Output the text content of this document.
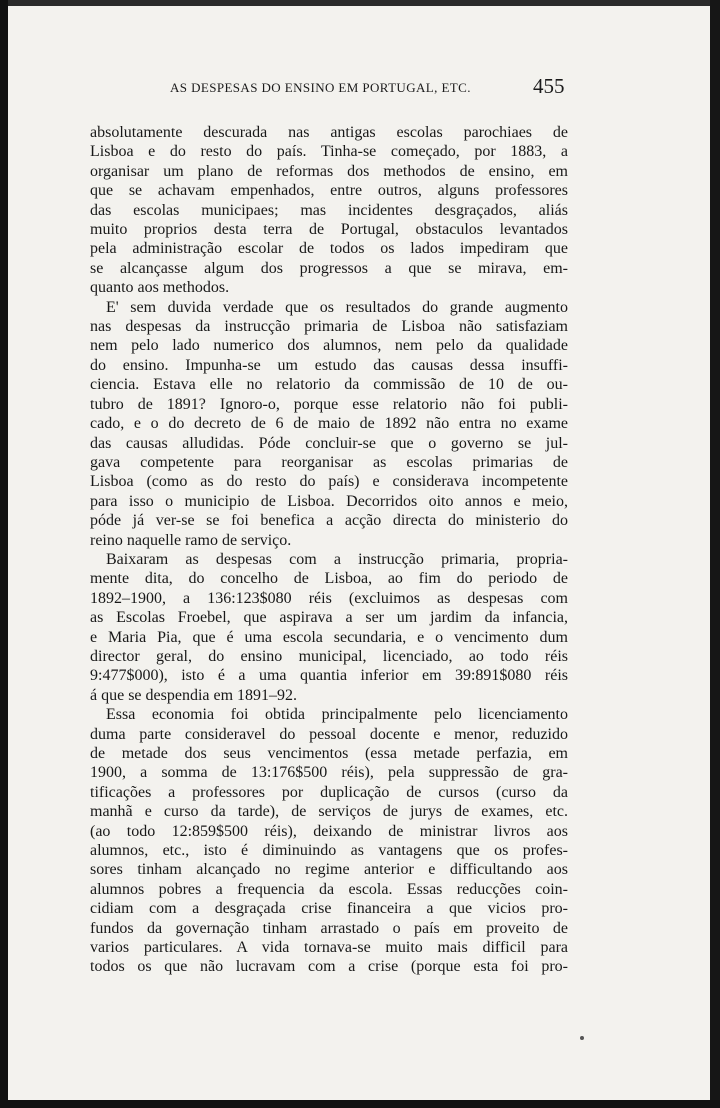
AS DESPESAS DO ENSINO EM PORTUGAL, ETC.	455
absolutamente descurada nas antigas escolas parochiaes de
Lisboa e do resto do país. Tinha-se começado, por 1883, a
organisar um plano de reformas dos methodos de ensino, em
que se achavam empenhados, entre outros, alguns professores
das escolas municipaes; mas incidentes desgraçados, aliás
muito proprios desta terra de Portugal, obstaculos levantados
pela administração escolar de todos os lados impediram que
se alcançasse algum dos progressos a que se mirava, em-
quanto aos methodos.
E' sem duvida verdade que os resultados do grande augmento
nas despesas da instrucção primaria de Lisboa não satisfaziam
nem pelo lado numerico dos alumnos, nem pelo da qualidade
do ensino. Impunha-se um estudo das causas dessa insuffi-
ciencia. Estava elle no relatorio da commissão de 10 de ou-
tubro de 1891? Ignoro-o, porque esse relatorio não foi publi-
cado, e o do decreto de 6 de maio de 1892 não entra no exame
das causas alludidas. Póde concluir-se que o governo se jul-
gava competente para reorganisar as escolas primarias de
Lisboa (como as do resto do país) e considerava incompetente
para isso o municipio de Lisboa. Decorridos oito annos e meio,
póde já ver-se se foi benefica a acção directa do ministerio do
reino naquelle ramo de serviço.
Baixaram as despesas com a instrucção primaria, propria-
mente dita, do concelho de Lisboa, ao fim do periodo de
1892–1900, a 136:123$080 réis (excluimos as despesas com
as Escolas Froebel, que aspirava a ser um jardim da infancia,
e Maria Pia, que é uma escola secundaria, e o vencimento dum
director geral, do ensino municipal, licenciado, ao todo réis
9:477$000), isto é a uma quantia inferior em 39:891$080 réis
á que se despendia em 1891–92.
Essa economia foi obtida principalmente pelo licenciamento
duma parte consideravel do pessoal docente e menor, reduzido
de metade dos seus vencimentos (essa metade perfazia, em
1900, a somma de 13:176$500 réis), pela suppressão de gra-
tificações a professores por duplicação de cursos (curso da
manhã e curso da tarde), de serviços de jurys de exames, etc.
(ao todo 12:859$500 réis), deixando de ministrar livros aos
alumnos, etc., isto é diminuindo as vantagens que os profes-
sores tinham alcançado no regime anterior e difficultando aos
alumnos pobres a frequencia da escola. Essas reducções coin-
cidiam com a desgraçada crise financeira a que vicios pro-
fundos da governação tinham arrastado o país em proveito de
varios particulares. A vida tornava-se muito mais difficil para
todos os que não lucravam com a crise (porque esta foi pro-
